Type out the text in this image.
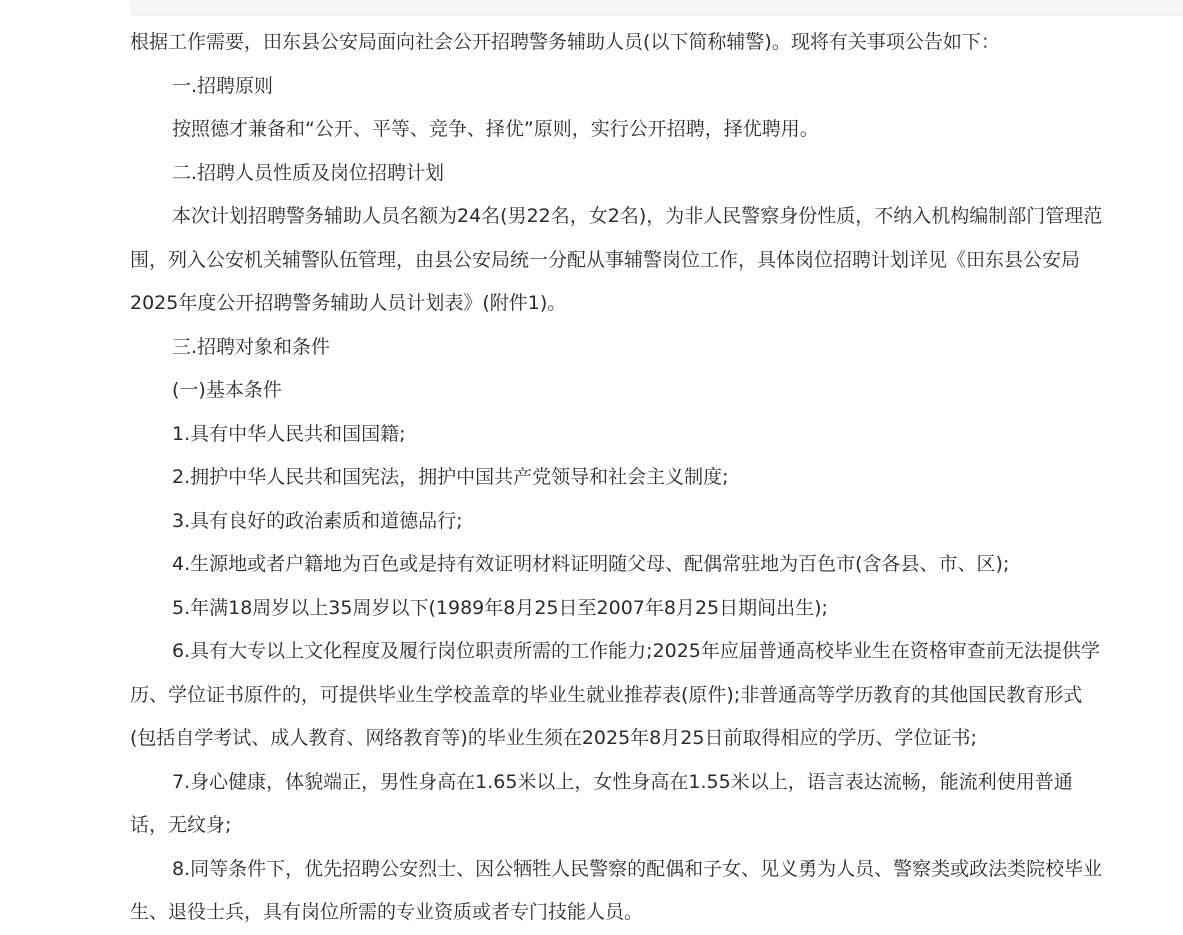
根据工作需要，田东县公安局面向社会公开招聘警务辅助人员(以下简称辅警)。现将有关事项公告如下：

一.招聘原则

按照德才兼备和“公开、平等、竞争、择优”原则，实行公开招聘，择优聘用。

二.招聘人员性质及岗位招聘计划

本次计划招聘警务辅助人员名额为24名(男22名，女2名)，为非人民警察身份性质，不纳入机构编制部门管理范围，列入公安机关辅警队伍管理，由县公安局统一分配从事辅警岗位工作，具体岗位招聘计划详见《田东县公安局2025年度公开招聘警务辅助人员计划表》(附件1)。

三.招聘对象和条件

(一)基本条件

1.具有中华人民共和国国籍;

2.拥护中华人民共和国宪法，拥护中国共产党领导和社会主义制度;

3.具有良好的政治素质和道德品行;

4.生源地或者户籍地为百色或是持有效证明材料证明随父母、配偶常驻地为百色市(含各县、市、区);

5.年满18周岁以上35周岁以下(1989年8月25日至2007年8月25日期间出生);

6.具有大专以上文化程度及履行岗位职责所需的工作能力;2025年应届普通高校毕业生在资格审查前无法提供学历、学位证书原件的，可提供毕业生学校盖章的毕业生就业推荐表(原件);非普通高等学历教育的其他国民教育形式(包括自学考试、成人教育、网络教育等)的毕业生须在2025年8月25日前取得相应的学历、学位证书;

7.身心健康，体貌端正，男性身高在1.65米以上，女性身高在1.55米以上，语言表达流畅，能流利使用普通话，无纹身;

8.同等条件下，优先招聘公安烈士、因公牺牲人民警察的配偶和子女、见义勇为人员、警察类或政法类院校毕业生、退役士兵，具有岗位所需的专业资质或者专门技能人员。
